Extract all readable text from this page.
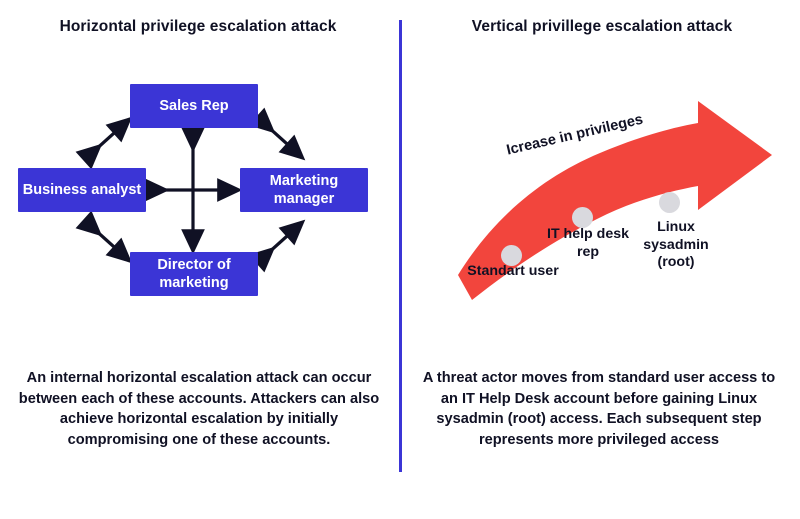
Horizontal privilege escalation attack	Vertical privillege escalation attack
Sales Rep
Business analyst
Marketing manager
Director of marketing
Icrease in privileges
Standart user
IT help desk rep
Linux sysadmin (root)
An internal horizontal escalation attack can occur between each of these accounts. Attackers can also achieve horizontal escalation by initially compromising one of these accounts.
A threat actor moves from standard user access to an IT Help Desk account before gaining Linux sysadmin (root) access. Each subsequent step represents more privileged access
